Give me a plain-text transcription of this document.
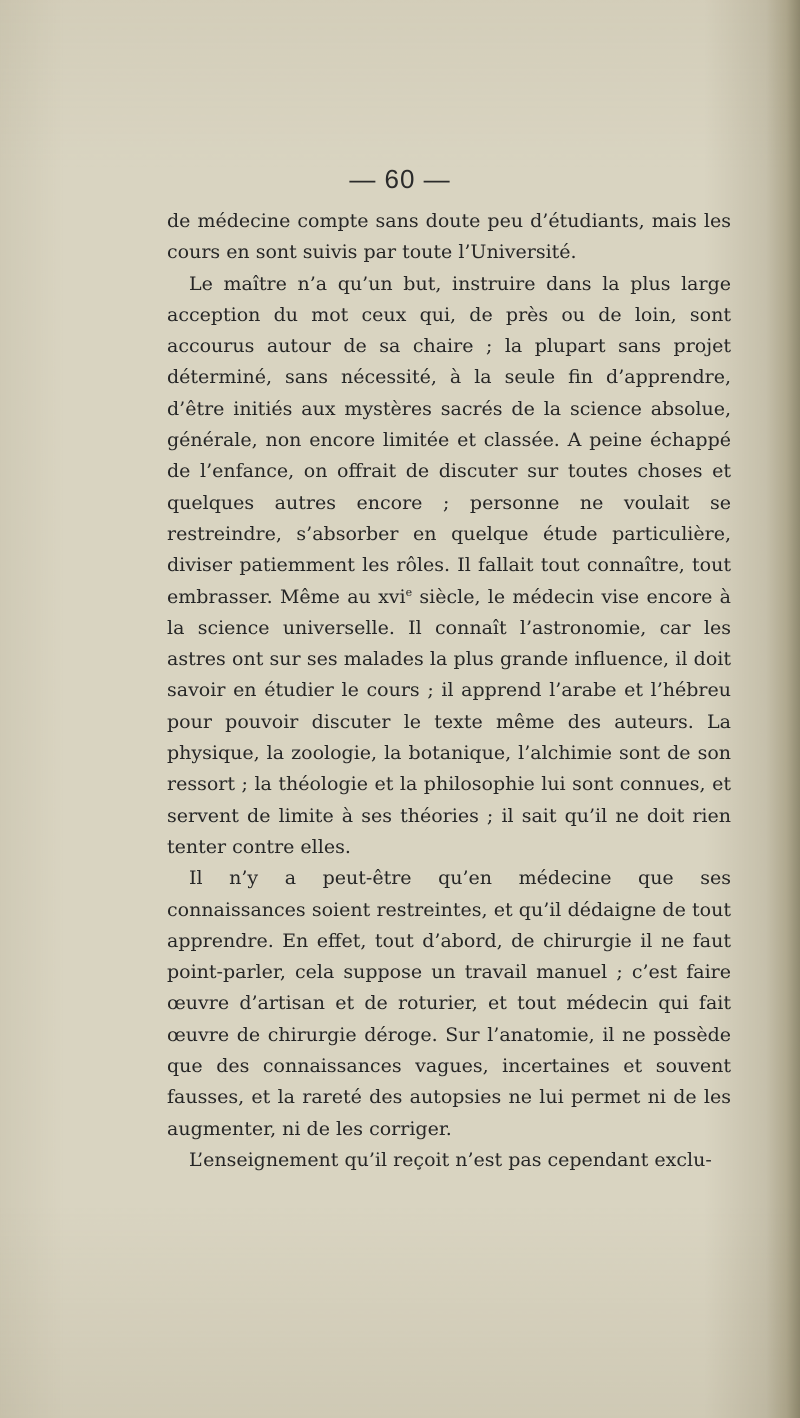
— 60 —

de médecine compte sans doute peu d’étudiants, mais les cours en sont suivis par toute l’Université.

Le maître n’a qu’un but, instruire dans la plus large acception du mot ceux qui, de près ou de loin, sont accourus autour de sa chaire ; la plupart sans projet déterminé, sans nécessité, à la seule fin d’apprendre, d’être initiés aux mystères sacrés de la science absolue, générale, non encore limitée et classée. A peine échappé de l’enfance, on offrait de discuter sur toutes choses et quelques autres encore ; personne ne voulait se restreindre, s’absorber en quelque étude particulière, diviser patiemment les rôles. Il fallait tout connaître, tout embrasser. Même au xvi$^e$ siècle, le médecin vise encore à la science universelle. Il connaît l’astronomie, car les astres ont sur ses malades la plus grande influence, il doit savoir en étudier le cours ; il apprend l’arabe et l’hébreu pour pouvoir discuter le texte même des auteurs. La physique, la zoologie, la botanique, l’alchimie sont de son ressort ; la théologie et la philosophie lui sont connues, et servent de limite à ses théories ; il sait qu’il ne doit rien tenter contre elles.

Il n’y a peut-être qu’en médecine que ses connaissances soient restreintes, et qu’il dédaigne de tout apprendre. En effet, tout d’abord, de chirurgie il ne faut point-parler, cela suppose un travail manuel ; c’est faire œuvre d’artisan et de roturier, et tout médecin qui fait œuvre de chirurgie déroge. Sur l’anatomie, il ne possède que des connaissances vagues, incertaines et souvent fausses, et la rareté des autopsies ne lui permet ni de les augmenter, ni de les corriger.

L’enseignement qu’il reçoit n’est pas cependant exclu-
